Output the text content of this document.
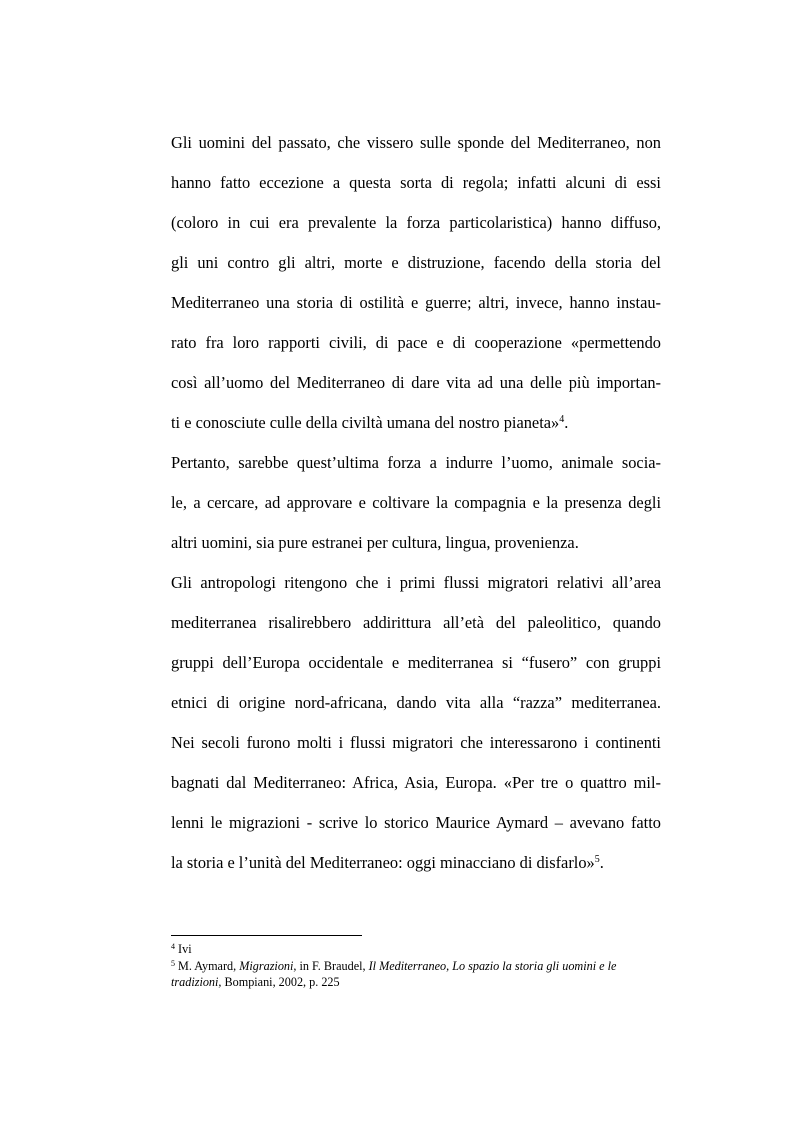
Gli uomini del passato, che vissero sulle sponde del Mediterraneo, non
hanno fatto eccezione a questa sorta di regola; infatti alcuni di essi
(coloro in cui era prevalente la forza particolaristica) hanno diffuso,
gli uni contro gli altri, morte e distruzione, facendo della storia del
Mediterraneo una storia di ostilità e guerre; altri, invece, hanno instau-
rato fra loro rapporti civili, di pace e di cooperazione «permettendo
così all’uomo del Mediterraneo di dare vita ad una delle più importan-
ti e conosciute culle della civiltà umana del nostro pianeta»$^4$.
Pertanto, sarebbe quest’ultima forza a indurre l’uomo, animale socia-
le, a cercare, ad approvare e coltivare la compagnia e la presenza degli
altri uomini, sia pure estranei per cultura, lingua, provenienza.
Gli antropologi ritengono che i primi flussi migratori relativi all’area
mediterranea risalirebbero addirittura all’età del paleolitico, quando
gruppi dell’Europa occidentale e mediterranea si “fusero” con gruppi
etnici di origine nord-africana, dando vita alla “razza” mediterranea.
Nei secoli furono molti i flussi migratori che interessarono i continenti
bagnati dal Mediterraneo: Africa, Asia, Europa. «Per tre o quattro mil-
lenni le migrazioni - scrive lo storico Maurice Aymard – avevano fatto
la storia e l’unità del Mediterraneo: oggi minacciano di disfarlo»$^5$.
$^4$ Ivi
$^5$ M. Aymard, Migrazioni, in F. Braudel, Il Mediterraneo, Lo spazio la storia gli uomini e le
tradizioni, Bompiani, 2002, p. 225
